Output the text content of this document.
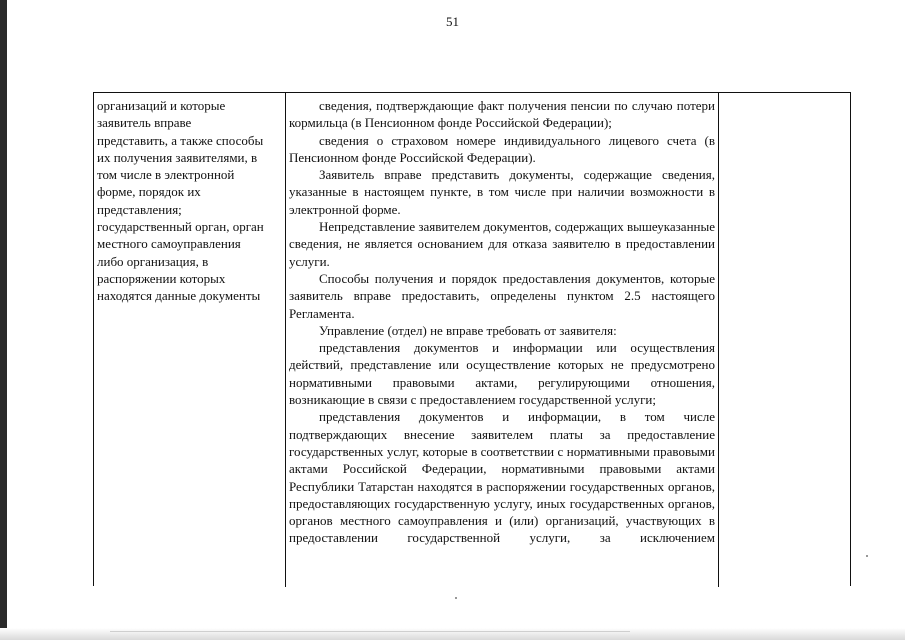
51
организаций и которые
заявитель вправе
представить, а также способы
их получения заявителями, в
том числе в электронной
форме, порядок их
представления;
государственный орган, орган
местного самоуправления
либо организация, в
распоряжении которых
находятся данные документы

сведения, подтверждающие факт получения пенсии по случаю потери кормильца (в Пенсионном фонде Российской Федерации);

сведения о страховом номере индивидуального лицевого счета (в Пенсионном фонде Российской Федерации).

Заявитель вправе представить документы, содержащие сведения, указанные в настоящем пункте, в том числе при наличии возможности в электронной форме.

Непредставление заявителем документов, содержащих вышеуказанные сведения, не является основанием для отказа заявителю в предоставлении услуги.

Способы получения и порядок предоставления документов, которые заявитель вправе предоставить, определены пунктом 2.5 настоящего Регламента.

Управление (отдел) не вправе требовать от заявителя:

представления документов и информации или осуществления действий, представление или осуществление которых не предусмотрено нормативными правовыми актами, регулирующими отношения, возникающие в связи с предоставлением государственной услуги;

представления документов и информации, в том числе подтверждающих внесение заявителем платы за предоставление государственных услуг, которые в соответствии с нормативными правовыми актами Российской Федерации, нормативными правовыми актами Республики Татарстан находятся в распоряжении государственных органов, предоставляющих государственную услугу, иных государственных органов, органов местного самоуправления и (или) организаций, участвующих в предоставлении государственной услуги, за исключением
